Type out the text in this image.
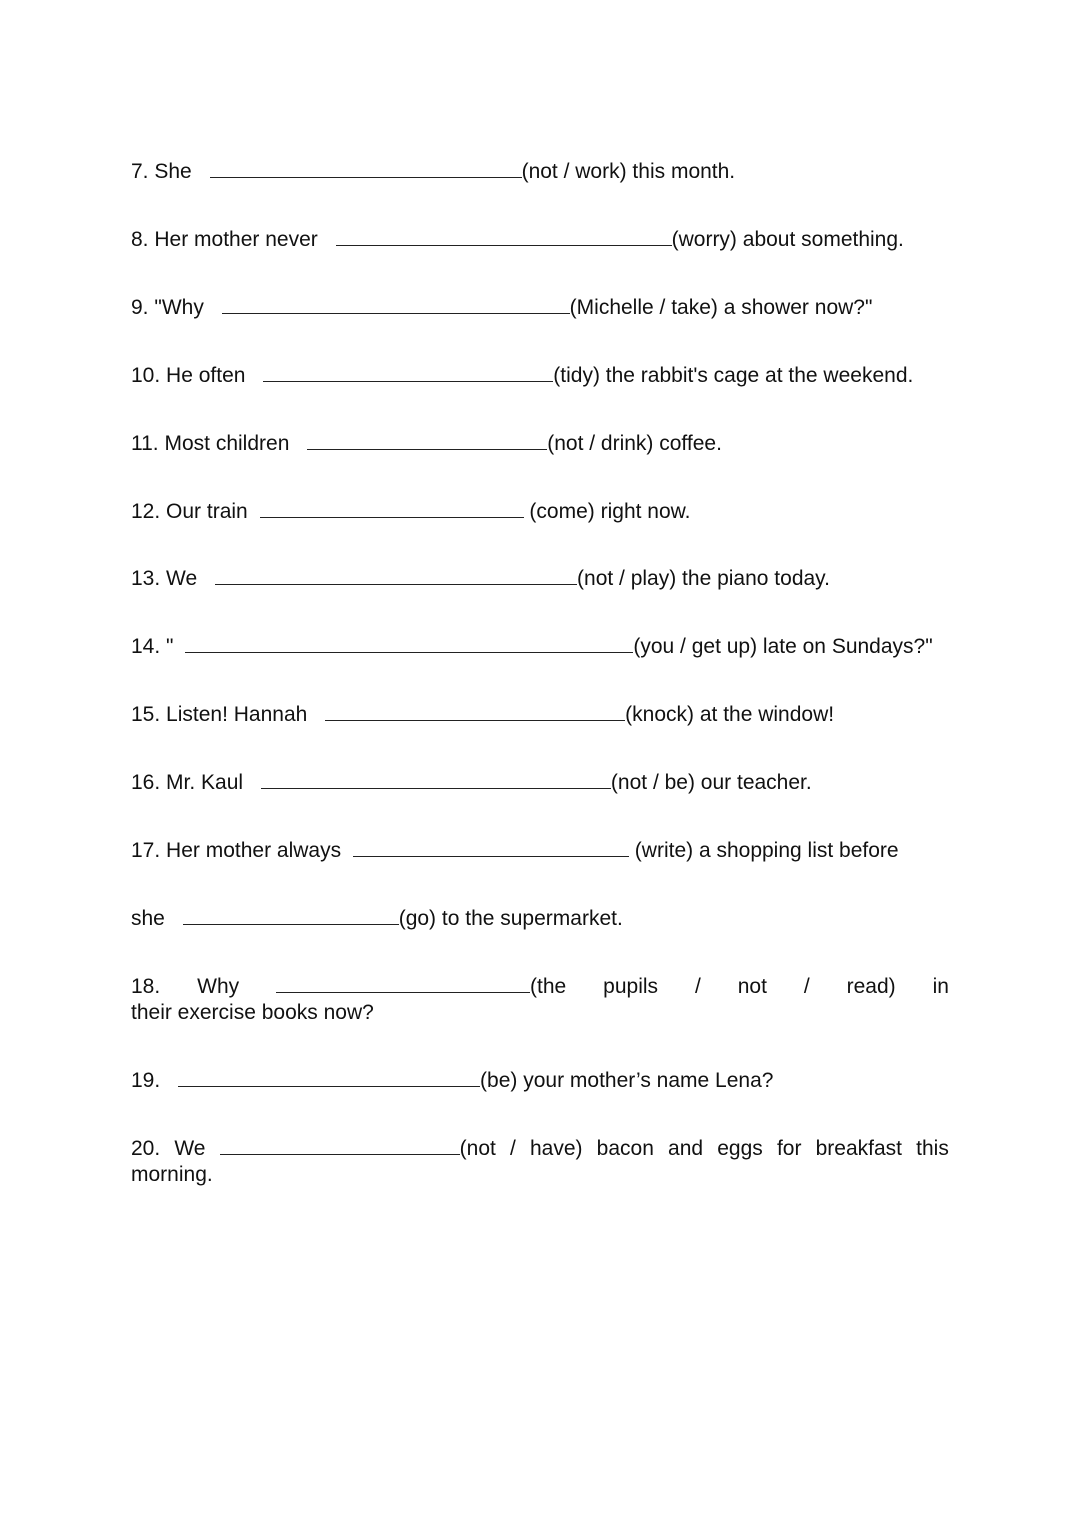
7. She	(not / work) this month.
8. Her mother never	(worry) about something.
9. "Why	(Michelle / take) a shower now?"
10. He often	(tidy) the rabbit's cage at the weekend.
11. Most children	(not / drink) coffee.
12. Our train	(come) right now.
13. We	(not / play) the piano today.
14. "	(you / get up) late on Sundays?"
15. Listen! Hannah	(knock) at the window!
16. Mr. Kaul	(not / be) our teacher.
17. Her mother always	(write) a shopping list before
she	(go) to the supermarket.
18. Why	(the pupils / not / read) in
their exercise books now?
19.	(be) your mother’s name Lena?
20. We	(not / have) bacon and eggs for breakfast this
morning.
